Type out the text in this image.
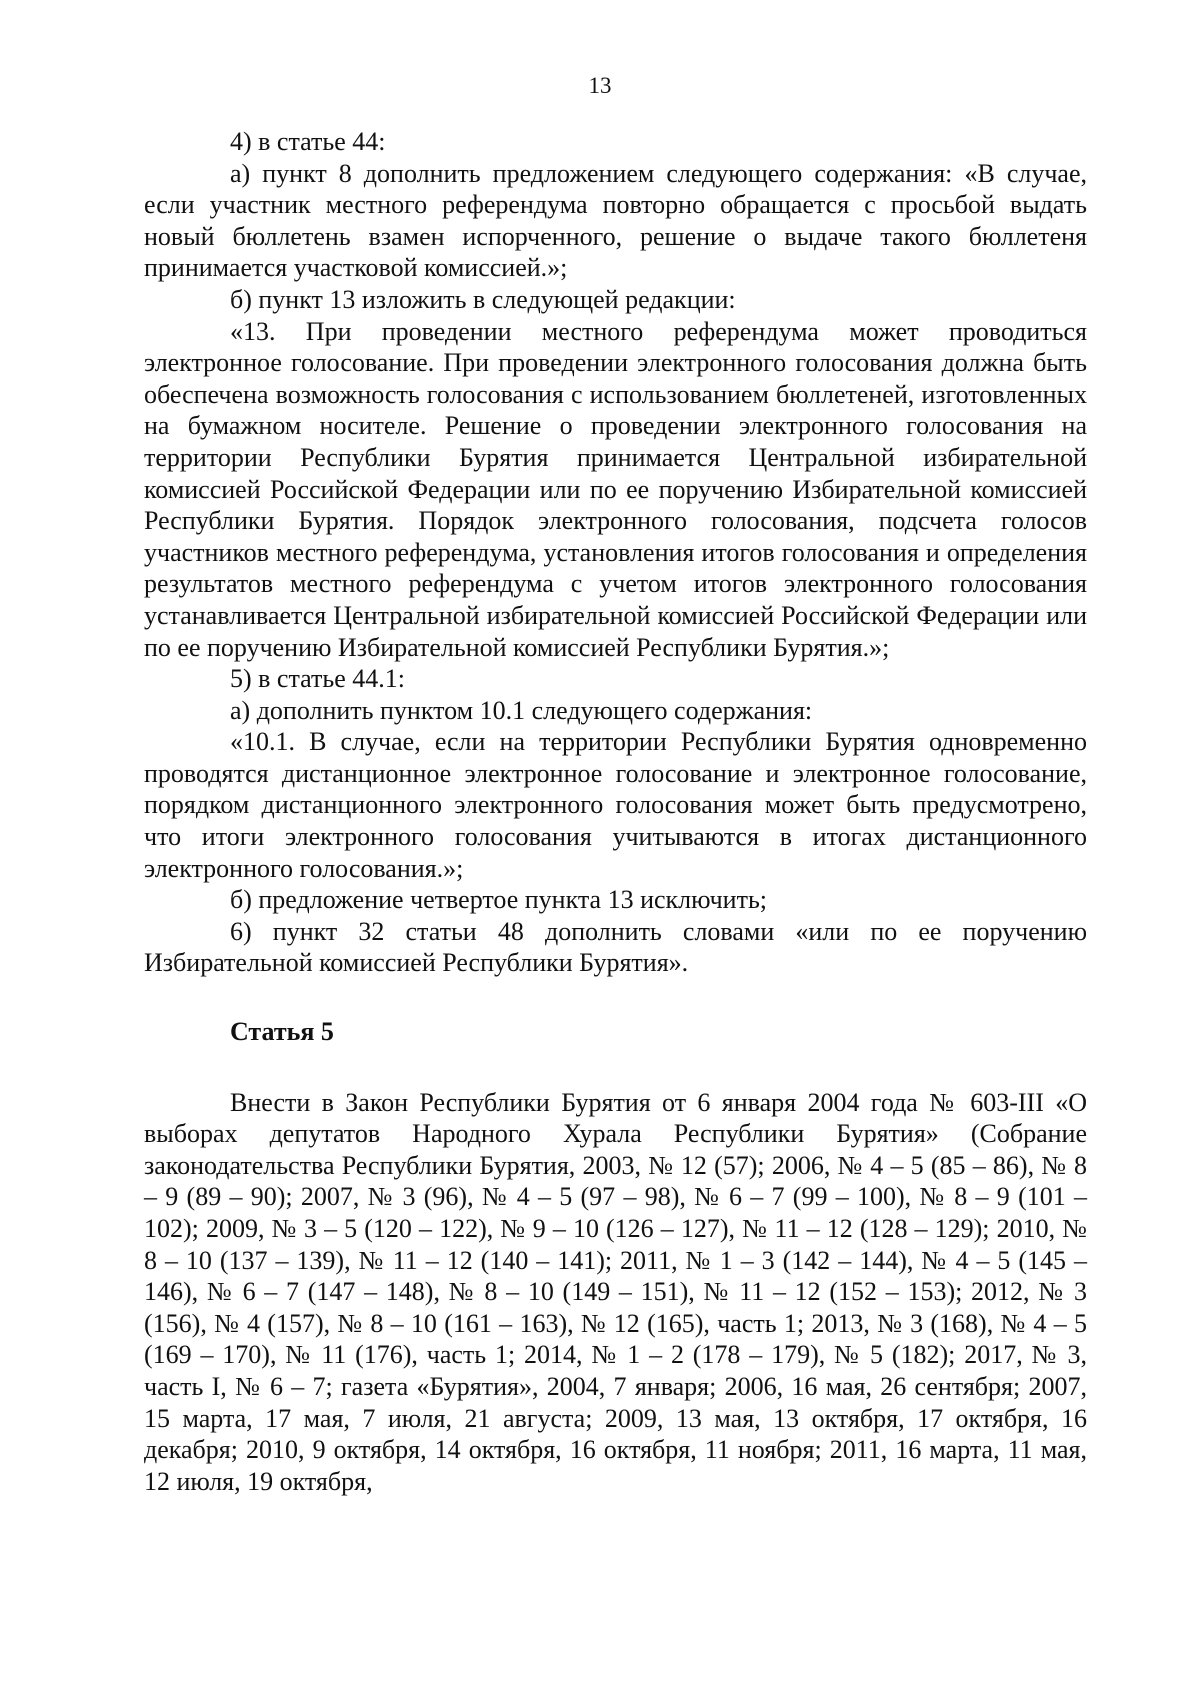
13

4) в статье 44:

а) пункт 8 дополнить предложением следующего содержания: «В случае, если участник местного референдума повторно обращается с просьбой выдать новый бюллетень взамен испорченного, решение о выдаче такого бюллетеня принимается участковой комиссией.»;

б) пункт 13 изложить в следующей редакции:

«13. При проведении местного референдума может проводиться электронное голосование. При проведении электронного голосования должна быть обеспечена возможность голосования с использованием бюллетеней, изготовленных на бумажном носителе. Решение о проведении электронного голосования на территории Республики Бурятия принимается Центральной избирательной комиссией Российской Федерации или по ее поручению Избирательной комиссией Республики Бурятия. Порядок электронного голосования, подсчета голосов участников местного референдума, установления итогов голосования и определения результатов местного референдума с учетом итогов электронного голосования устанавливается Центральной избирательной комиссией Российской Федерации или по ее поручению Избирательной комиссией Республики Бурятия.»;

5) в статье 44.1:

а) дополнить пунктом 10.1 следующего содержания:

«10.1. В случае, если на территории Республики Бурятия одновременно проводятся дистанционное электронное голосование и электронное голосование, порядком дистанционного электронного голосования может быть предусмотрено, что итоги электронного голосования учитываются в итогах дистанционного электронного голосования.»;

б) предложение четвертое пункта 13 исключить;

6) пункт 32 статьи 48 дополнить словами «или по ее поручению Избирательной комиссией Республики Бурятия».

Статья 5

Внести в Закон Республики Бурятия от 6 января 2004 года № 603-III «О выборах депутатов Народного Хурала Республики Бурятия» (Собрание законодательства Республики Бурятия, 2003, № 12 (57); 2006, № 4 – 5 (85 – 86), № 8 – 9 (89 – 90); 2007, № 3 (96), № 4 – 5 (97 – 98), № 6 – 7 (99 – 100), № 8 – 9 (101 – 102); 2009, № 3 – 5 (120 – 122), № 9 – 10 (126 – 127), № 11 – 12 (128 – 129); 2010, № 8 – 10 (137 – 139), № 11 – 12 (140 – 141); 2011, № 1 – 3 (142 – 144), № 4 – 5 (145 – 146), № 6 – 7 (147 – 148), № 8 – 10 (149 – 151), № 11 – 12 (152 – 153); 2012, № 3 (156), № 4 (157), № 8 – 10 (161 – 163), № 12 (165), часть 1; 2013, № 3 (168), № 4 – 5 (169 – 170), № 11 (176), часть 1; 2014, № 1 – 2 (178 – 179), № 5 (182); 2017, № 3, часть I, № 6 – 7; газета «Бурятия», 2004, 7 января; 2006, 16 мая, 26 сентября; 2007, 15 марта, 17 мая, 7 июля, 21 августа; 2009, 13 мая, 13 октября, 17 октября, 16 декабря; 2010, 9 октября, 14 октября, 16 октября, 11 ноября; 2011, 16 марта, 11 мая, 12 июля, 19 октября,
